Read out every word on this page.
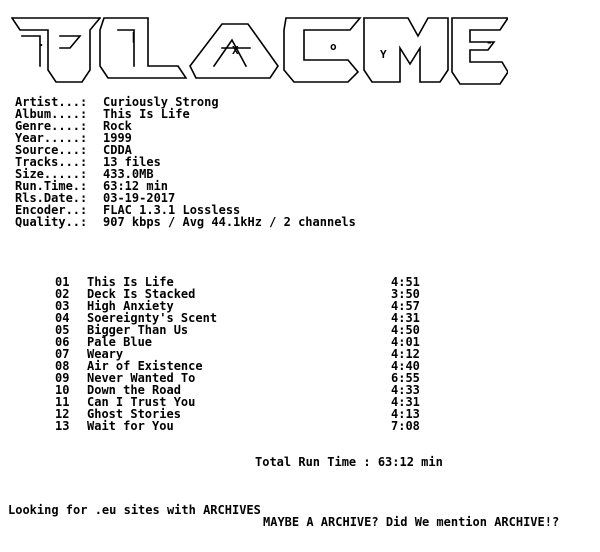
.	|
X	o
Y
-
Artist...: Curiously Strong
Album....: This Is Life
Genre....: Rock
Year.....: 1999
Source...: CDDA
Tracks...: 13 files
Size.....: 433.0MB
Run.Time.: 63:12 min
Rls.Date.: 03-19-2017
Encoder..: FLAC 1.3.1 Lossless
Quality..: 907 kbps / Avg 44.1kHz / 2 channels
01 This Is Life	4:51
02 Deck Is Stacked	3:50
03 High Anxiety	4:57
04 Soereignty's Scent	4:31
05 Bigger Than Us	4:50
06 Pale Blue	4:01
07 Weary	4:12
08 Air of Existence	4:40
09 Never Wanted To	6:55
10 Down the Road	4:33
11 Can I Trust You	4:31
12 Ghost Stories	4:13
13 Wait for You	7:08
Total Run Time : 63:12 min
Looking for .eu sites with ARCHIVES
MAYBE A ARCHIVE? Did We mention ARCHIVE!?
